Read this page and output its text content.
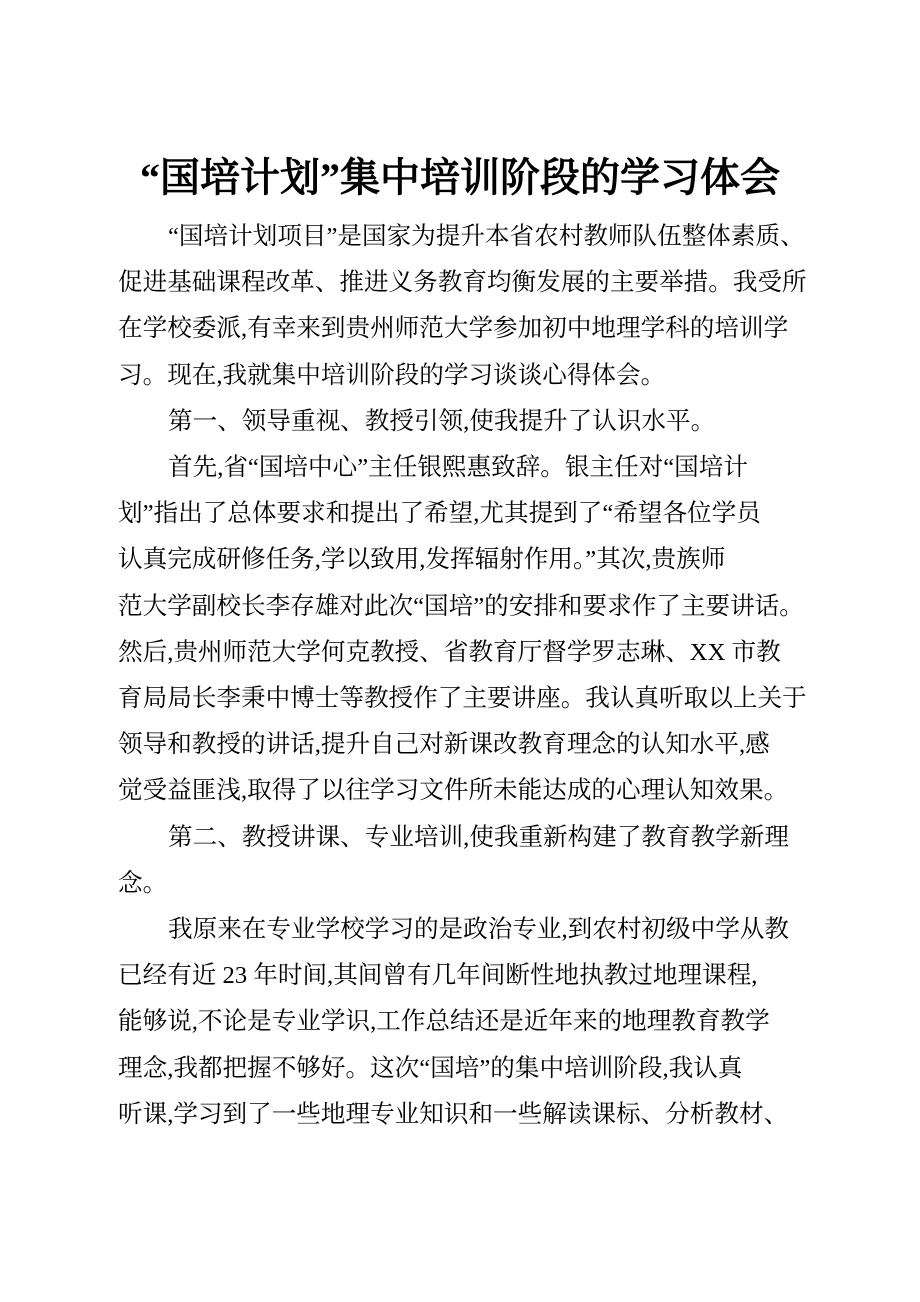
“国培计划”集中培训阶段的学习体会
“国培计划项目”是国家为提升本省农村教师队伍整体素质、
促进基础课程改革、推进义务教育均衡发展的主要举措。我受所
在学校委派,有幸来到贵州师范大学参加初中地理学科的培训学
习。现在,我就集中培训阶段的学习谈谈心得体会。
第一、领导重视、教授引领,使我提升了认识水平。
首先,省“国培中心”主任银熙惠致辞。银主任对“国培计
划”指出了总体要求和提出了希望,尤其提到了“希望各位学员
认真完成研修任务,学以致用,发挥辐射作用。”其次,贵族师
范大学副校长李存雄对此次“国培”的安排和要求作了主要讲话。
然后,贵州师范大学何克教授、省教育厅督学罗志琳、XX 市教
育局局长李秉中博士等教授作了主要讲座。我认真听取以上关于
领导和教授的讲话,提升自己对新课改教育理念的认知水平,感
觉受益匪浅,取得了以往学习文件所未能达成的心理认知效果。
第二、教授讲课、专业培训,使我重新构建了教育教学新理
念。
我原来在专业学校学习的是政治专业,到农村初级中学从教
已经有近 23 年时间,其间曾有几年间断性地执教过地理课程,
能够说,不论是专业学识,工作总结还是近年来的地理教育教学
理念,我都把握不够好。这次“国培”的集中培训阶段,我认真
听课,学习到了一些地理专业知识和一些解读课标、分析教材、
